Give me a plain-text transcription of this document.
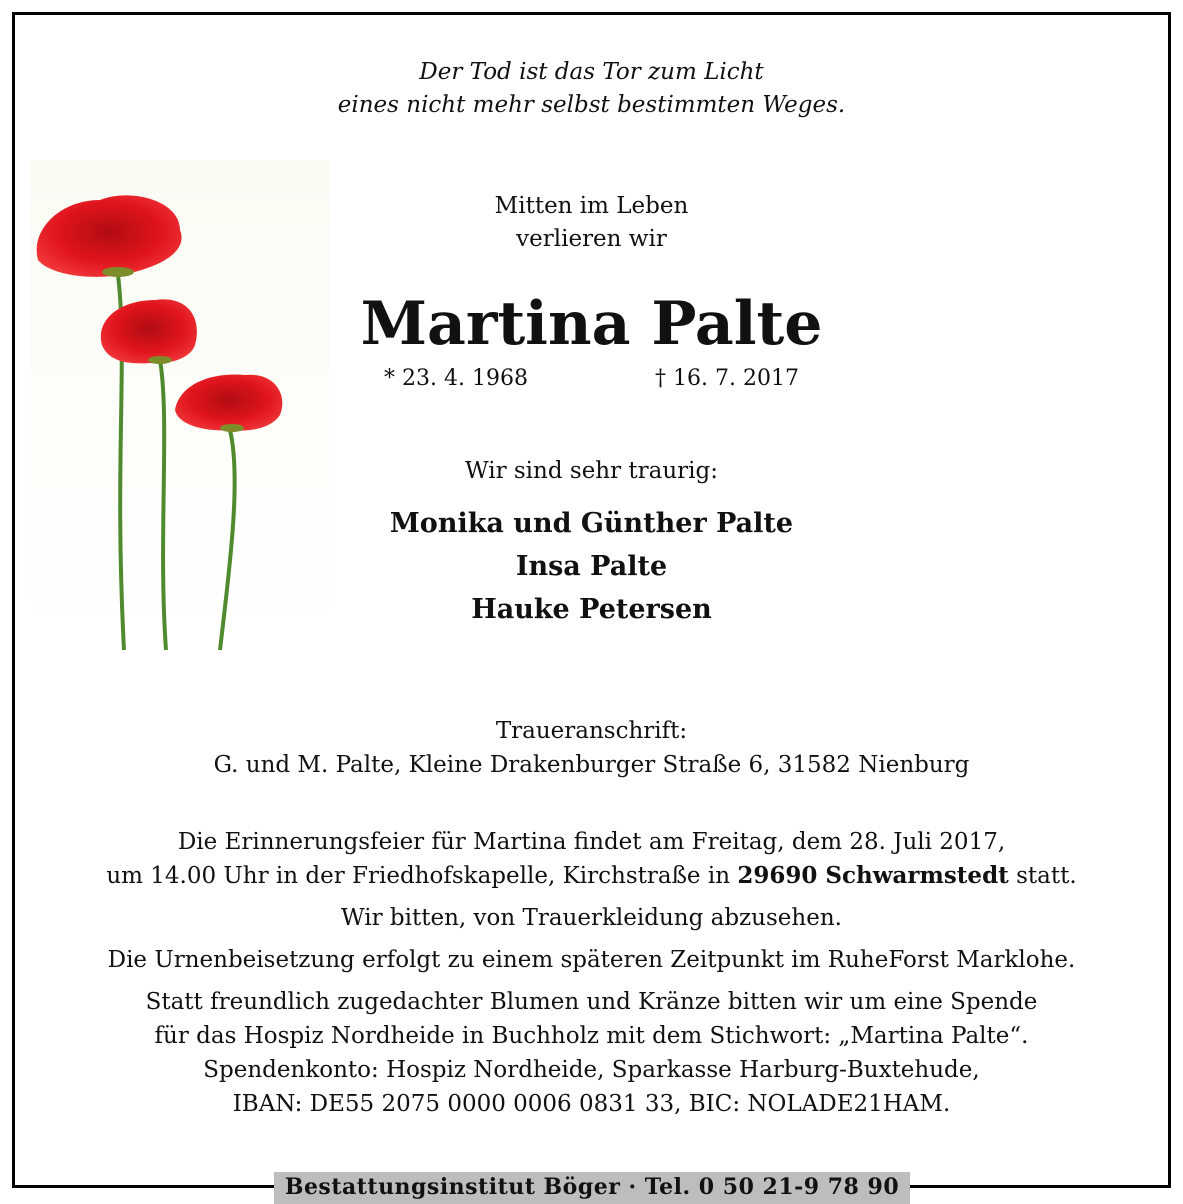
Der Tod ist das Tor zum Licht
eines nicht mehr selbst bestimmten Weges.
Mitten im Leben
verlieren wir
Martina Palte
* 23. 4. 1968	† 16. 7. 2017
Wir sind sehr traurig:
Monika und Günther Palte
Insa Palte
Hauke Petersen
Traueranschrift:
G. und M. Palte, Kleine Drakenburger Straße 6, 31582 Nienburg

Die Erinnerungsfeier für Martina findet am Freitag, dem 28. Juli 2017,
um 14.00 Uhr in der Friedhofskapelle, Kirchstraße in 29690 Schwarmstedt statt.

Wir bitten, von Trauerkleidung abzusehen.

Die Urnenbeisetzung erfolgt zu einem späteren Zeitpunkt im RuheForst Marklohe.

Statt freundlich zugedachter Blumen und Kränze bitten wir um eine Spende
für das Hospiz Nordheide in Buchholz mit dem Stichwort: „Martina Palte“.
Spendenkonto: Hospiz Nordheide, Sparkasse Harburg-Buxtehude,
IBAN: DE55 2075 0000 0006 0831 33, BIC: NOLADE21HAM.

Bestattungsinstitut Böger · Tel. 0 50 21-9 78 90
